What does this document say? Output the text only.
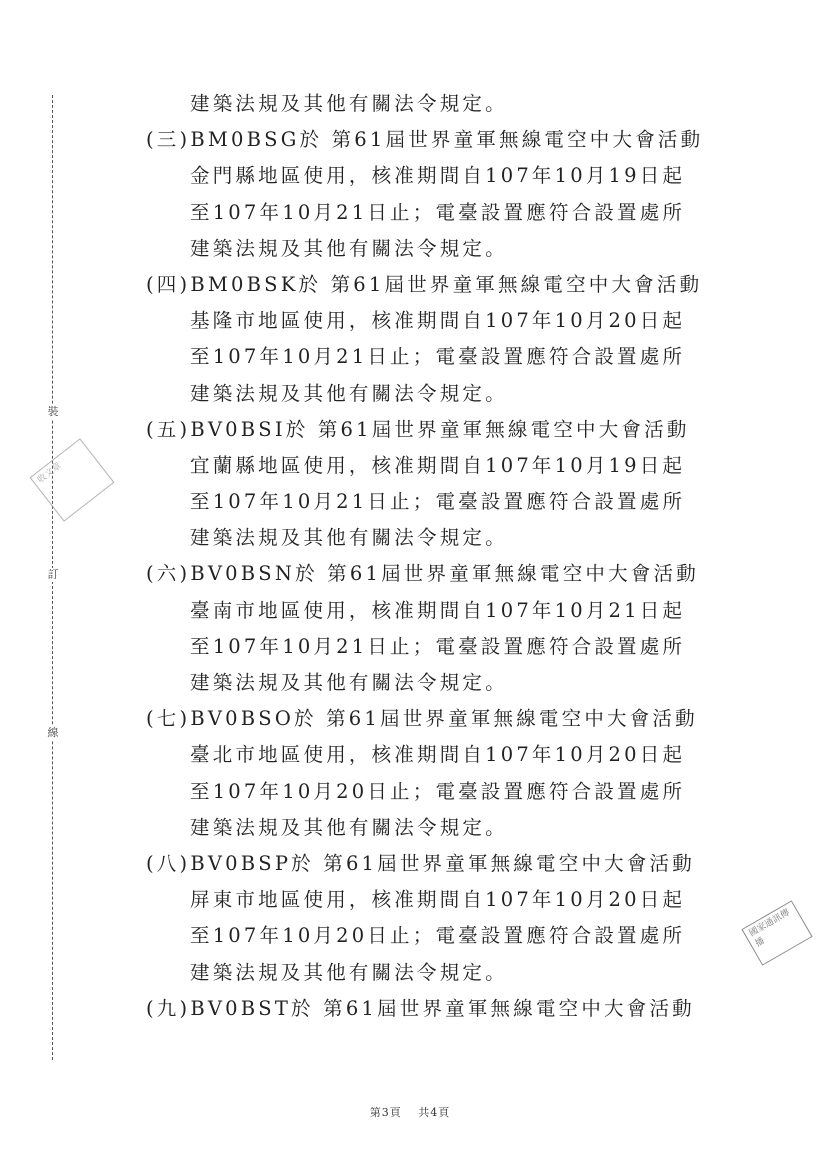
裝
訂
線
收文章
國家通訊傳播
建築法規及其他有關法令規定。
(三)BM0BSG於 第61屆世界童軍無線電空中大會活動
金門縣地區使用，核准期間自107年10月19日起
至107年10月21日止；電臺設置應符合設置處所
建築法規及其他有關法令規定。
(四)BM0BSK於 第61屆世界童軍無線電空中大會活動
基隆市地區使用，核准期間自107年10月20日起
至107年10月21日止；電臺設置應符合設置處所
建築法規及其他有關法令規定。
(五)BV0BSI於 第61屆世界童軍無線電空中大會活動
宜蘭縣地區使用，核准期間自107年10月19日起
至107年10月21日止；電臺設置應符合設置處所
建築法規及其他有關法令規定。
(六)BV0BSN於 第61屆世界童軍無線電空中大會活動
臺南市地區使用，核准期間自107年10月21日起
至107年10月21日止；電臺設置應符合設置處所
建築法規及其他有關法令規定。
(七)BV0BSO於 第61屆世界童軍無線電空中大會活動
臺北市地區使用，核准期間自107年10月20日起
至107年10月20日止；電臺設置應符合設置處所
建築法規及其他有關法令規定。
(八)BV0BSP於 第61屆世界童軍無線電空中大會活動
屏東市地區使用，核准期間自107年10月20日起
至107年10月20日止；電臺設置應符合設置處所
建築法規及其他有關法令規定。
(九)BV0BST於 第61屆世界童軍無線電空中大會活動
第3頁 共4頁
